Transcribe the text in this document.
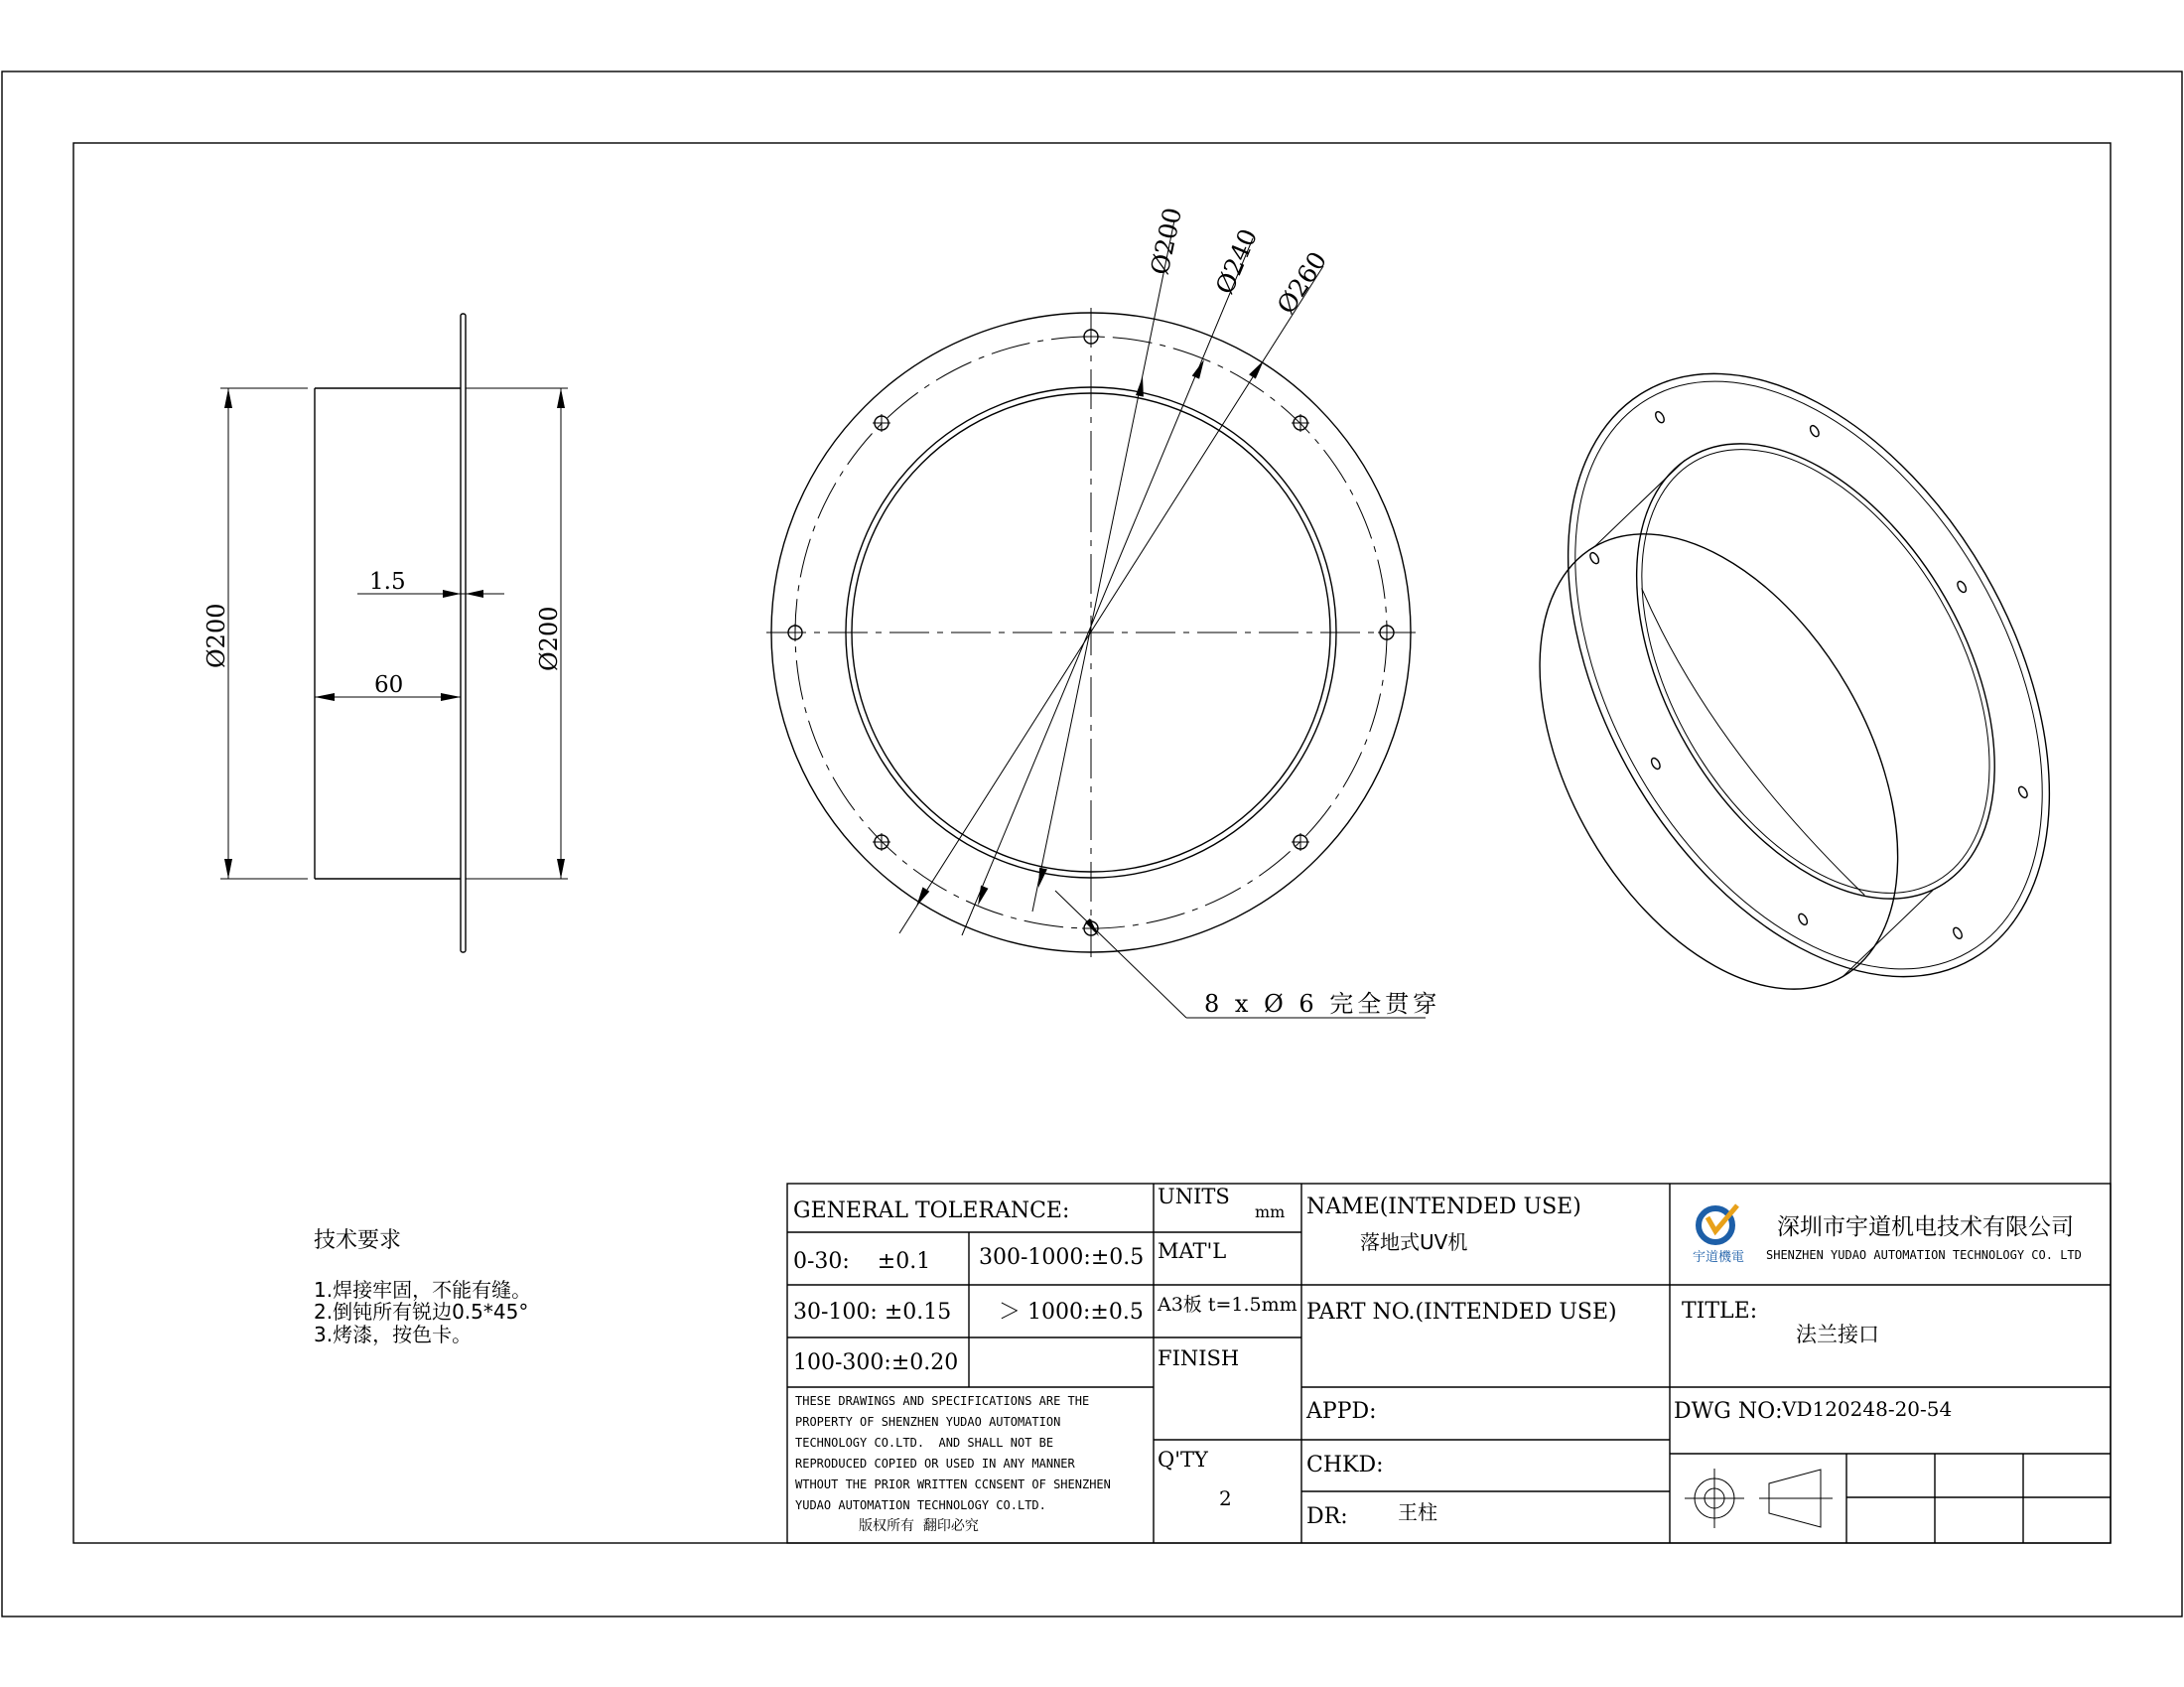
Ø200	Ø200
1.5
60
Ø200 Ø240 Ø260
8 x Ø 6 完全贯穿
技术要求
1.焊接牢固，不能有缝。
2.倒钝所有锐边0.5*45°
3.烤漆，按色卡。
GENERAL TOLERANCE:
0-30:    ±0.1 300-1000:±0.5
30-100: ±0.15 ＞ 1000:±0.5
100-300:±0.20
THESE DRAWINGS AND SPECIFICATIONS ARE THE
PROPERTY OF SHENZHEN YUDAO AUTOMATION
TECHNOLOGY CO.LTD.  AND SHALL NOT BE
REPRODUCED COPIED OR USED IN ANY MANNER
WTHOUT THE PRIOR WRITTEN CCNSENT OF SHENZHEN
YUDAO AUTOMATION TECHNOLOGY CO.LTD.
版权所有  翻印必究
UNITS
mm
MAT'L
A3板 t=1.5mm
FINISH
Q'TY
2
NAME(INTENDED USE)
落地式UV机
PART NO.(INTENDED USE)
APPD:
CHKD:
DR:	王柱
宇道機電
深圳市宇道机电技术有限公司
SHENZHEN YUDAO AUTOMATION TECHNOLOGY CO. LTD
TITLE:
法兰接口
DWG NO: VD120248-20-54
